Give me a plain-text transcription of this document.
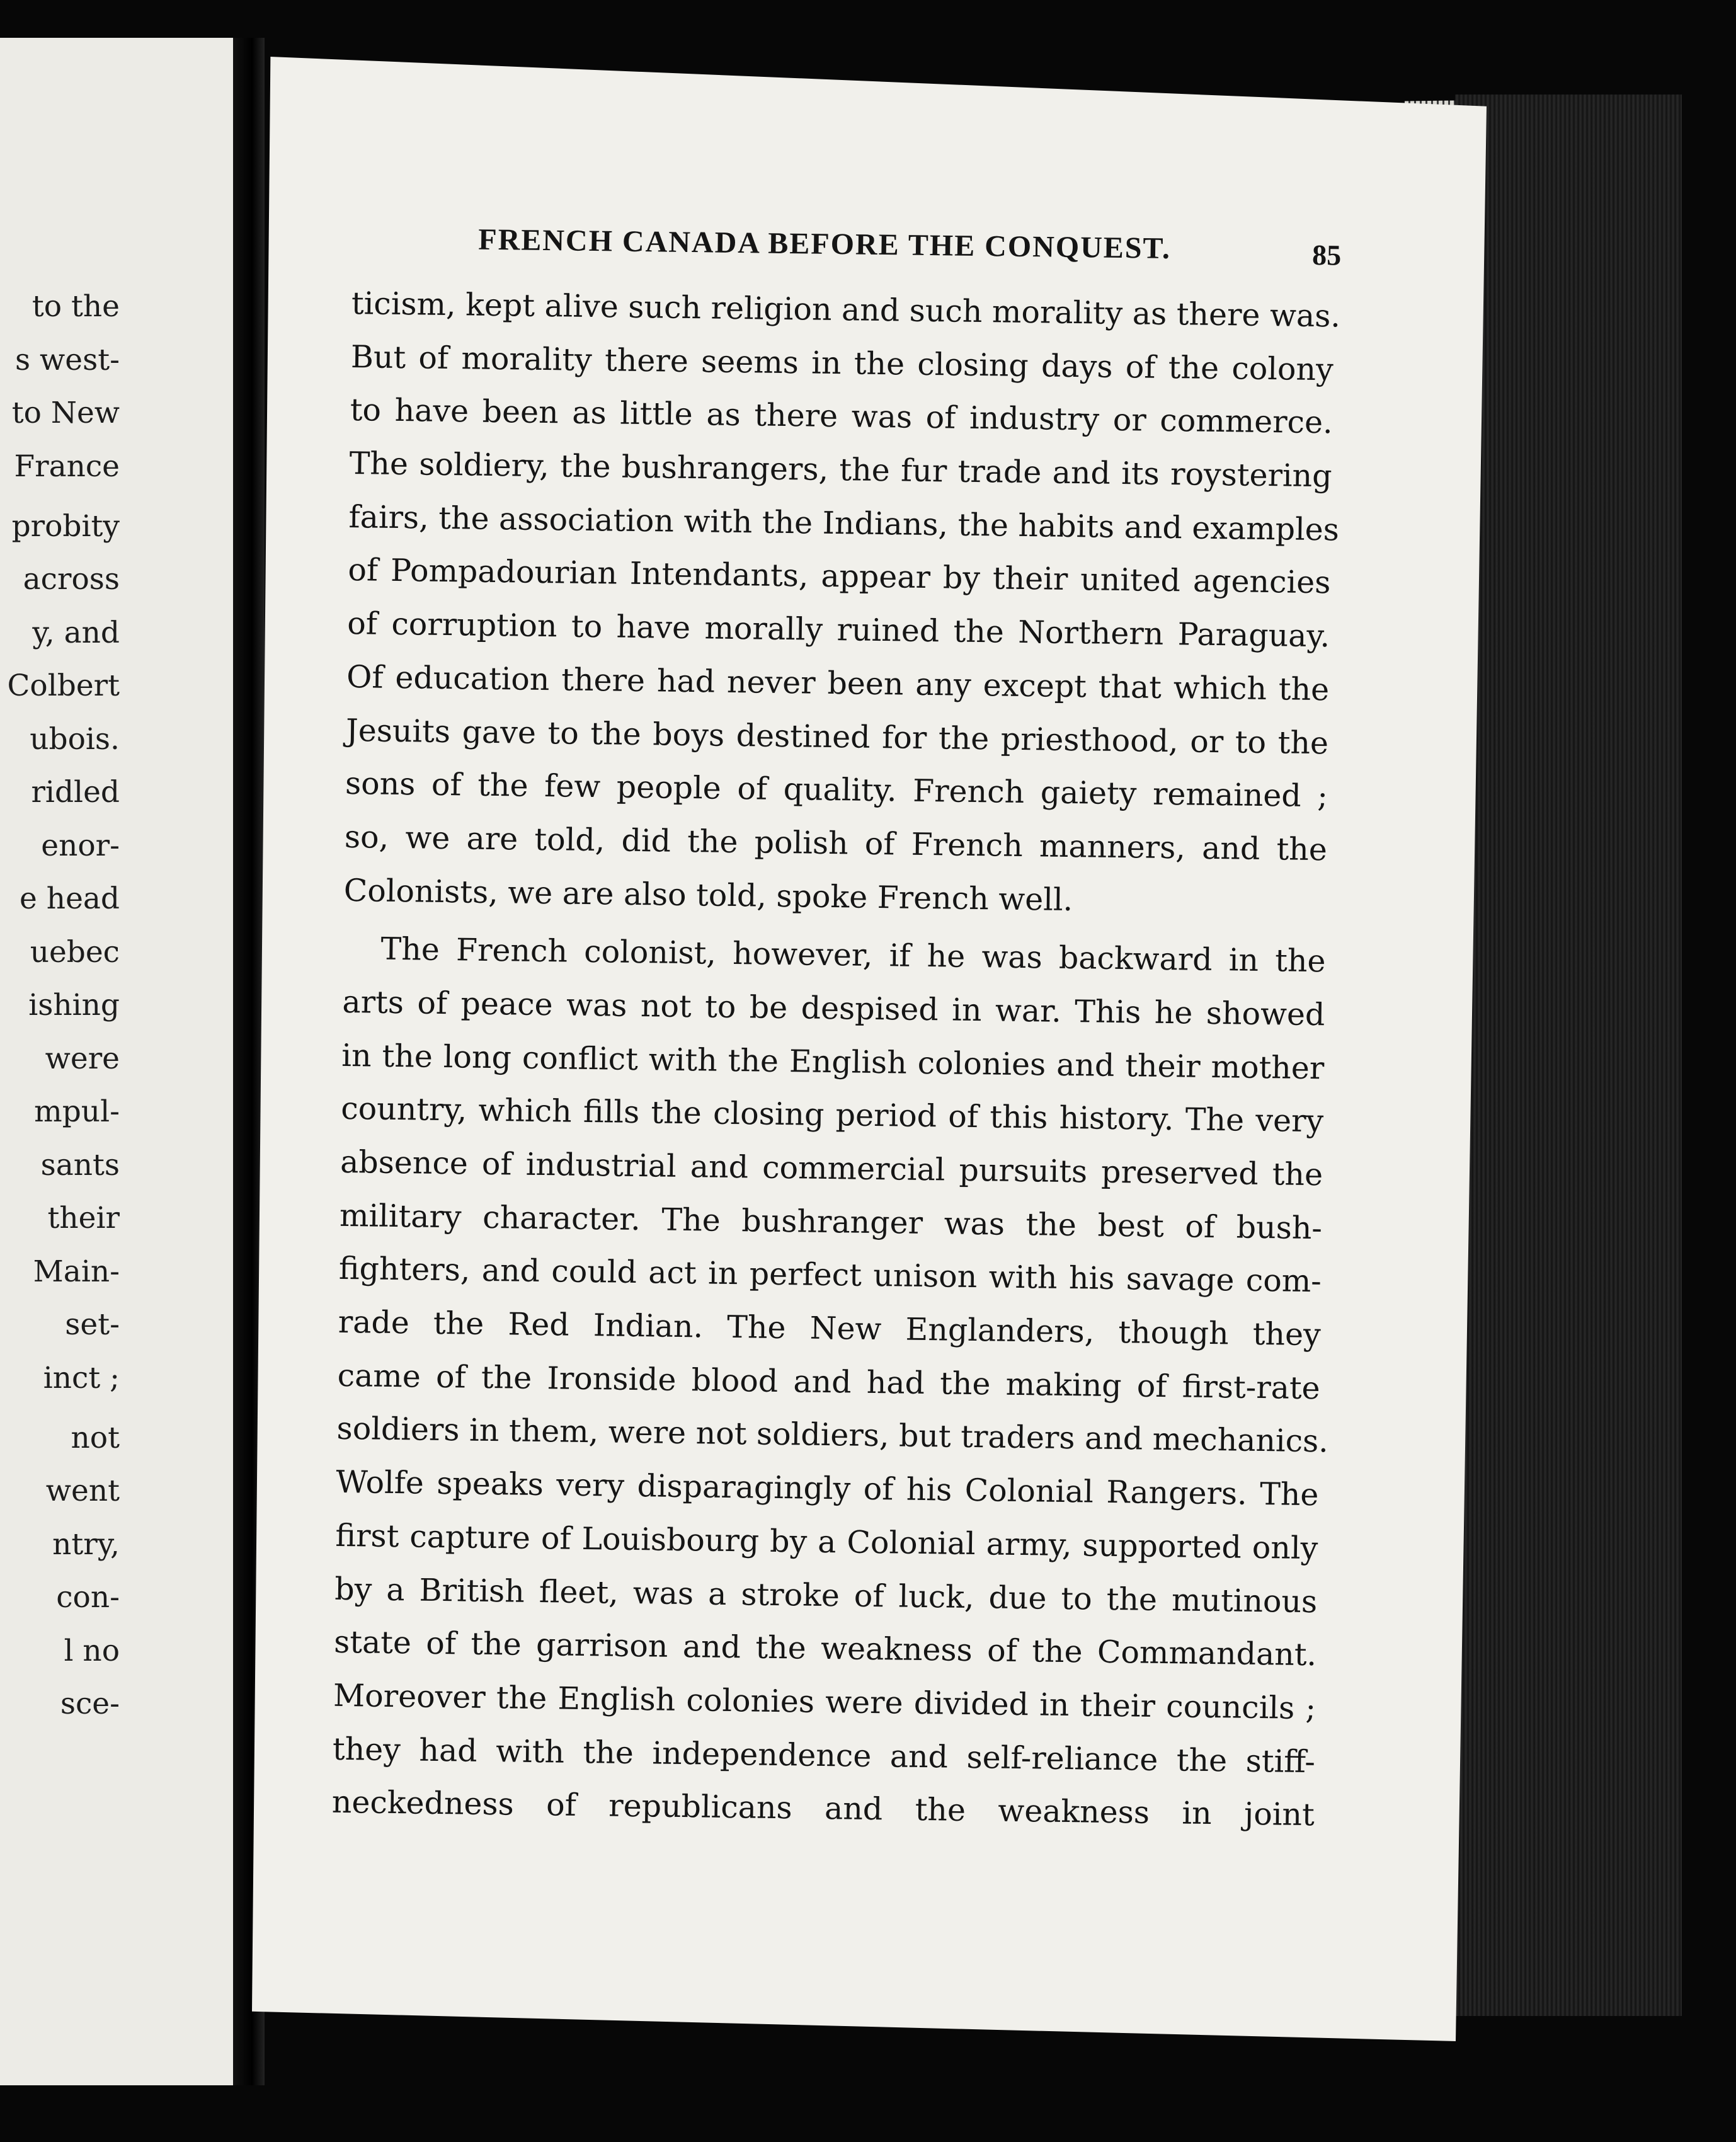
to the
s west-
to New
France
probity
across
y, and
Colbert
ubois.
ridled
enor-
e head
uebec
ishing
were
mpul-
sants
their
Main-
set-
inct ;
not
went
ntry,
con-
l no
sce-
FRENCH CANADA BEFORE THE CONQUEST.	85
ticism, kept alive such religion and such morality as there was.
But of morality there seems in the closing days of the colony
to have been as little as there was of industry or commerce.
The soldiery, the bushrangers, the fur trade and its roystering
fairs, the association with the Indians, the habits and examples
of Pompadourian Intendants, appear by their united agencies
of corruption to have morally ruined the Northern Paraguay.
Of education there had never been any except that which the
Jesuits gave to the boys destined for the priesthood, or to the
sons of the few people of quality. French gaiety remained ;
so, we are told, did the polish of French manners, and the
Colonists, we are also told, spoke French well.
The French colonist, however, if he was backward in the
arts of peace was not to be despised in war. This he showed
in the long conflict with the English colonies and their mother
country, which fills the closing period of this history. The very
absence of industrial and commercial pursuits preserved the
military character. The bushranger was the best of bush-
fighters, and could act in perfect unison with his savage com-
rade the Red Indian. The New Englanders, though they
came of the Ironside blood and had the making of first-rate
soldiers in them, were not soldiers, but traders and mechanics.
Wolfe speaks very disparagingly of his Colonial Rangers. The
first capture of Louisbourg by a Colonial army, supported only
by a British fleet, was a stroke of luck, due to the mutinous
state of the garrison and the weakness of the Commandant.
Moreover the English colonies were divided in their councils ;
they had with the independence and self-reliance the stiff-
neckedness of republicans and the weakness in joint
